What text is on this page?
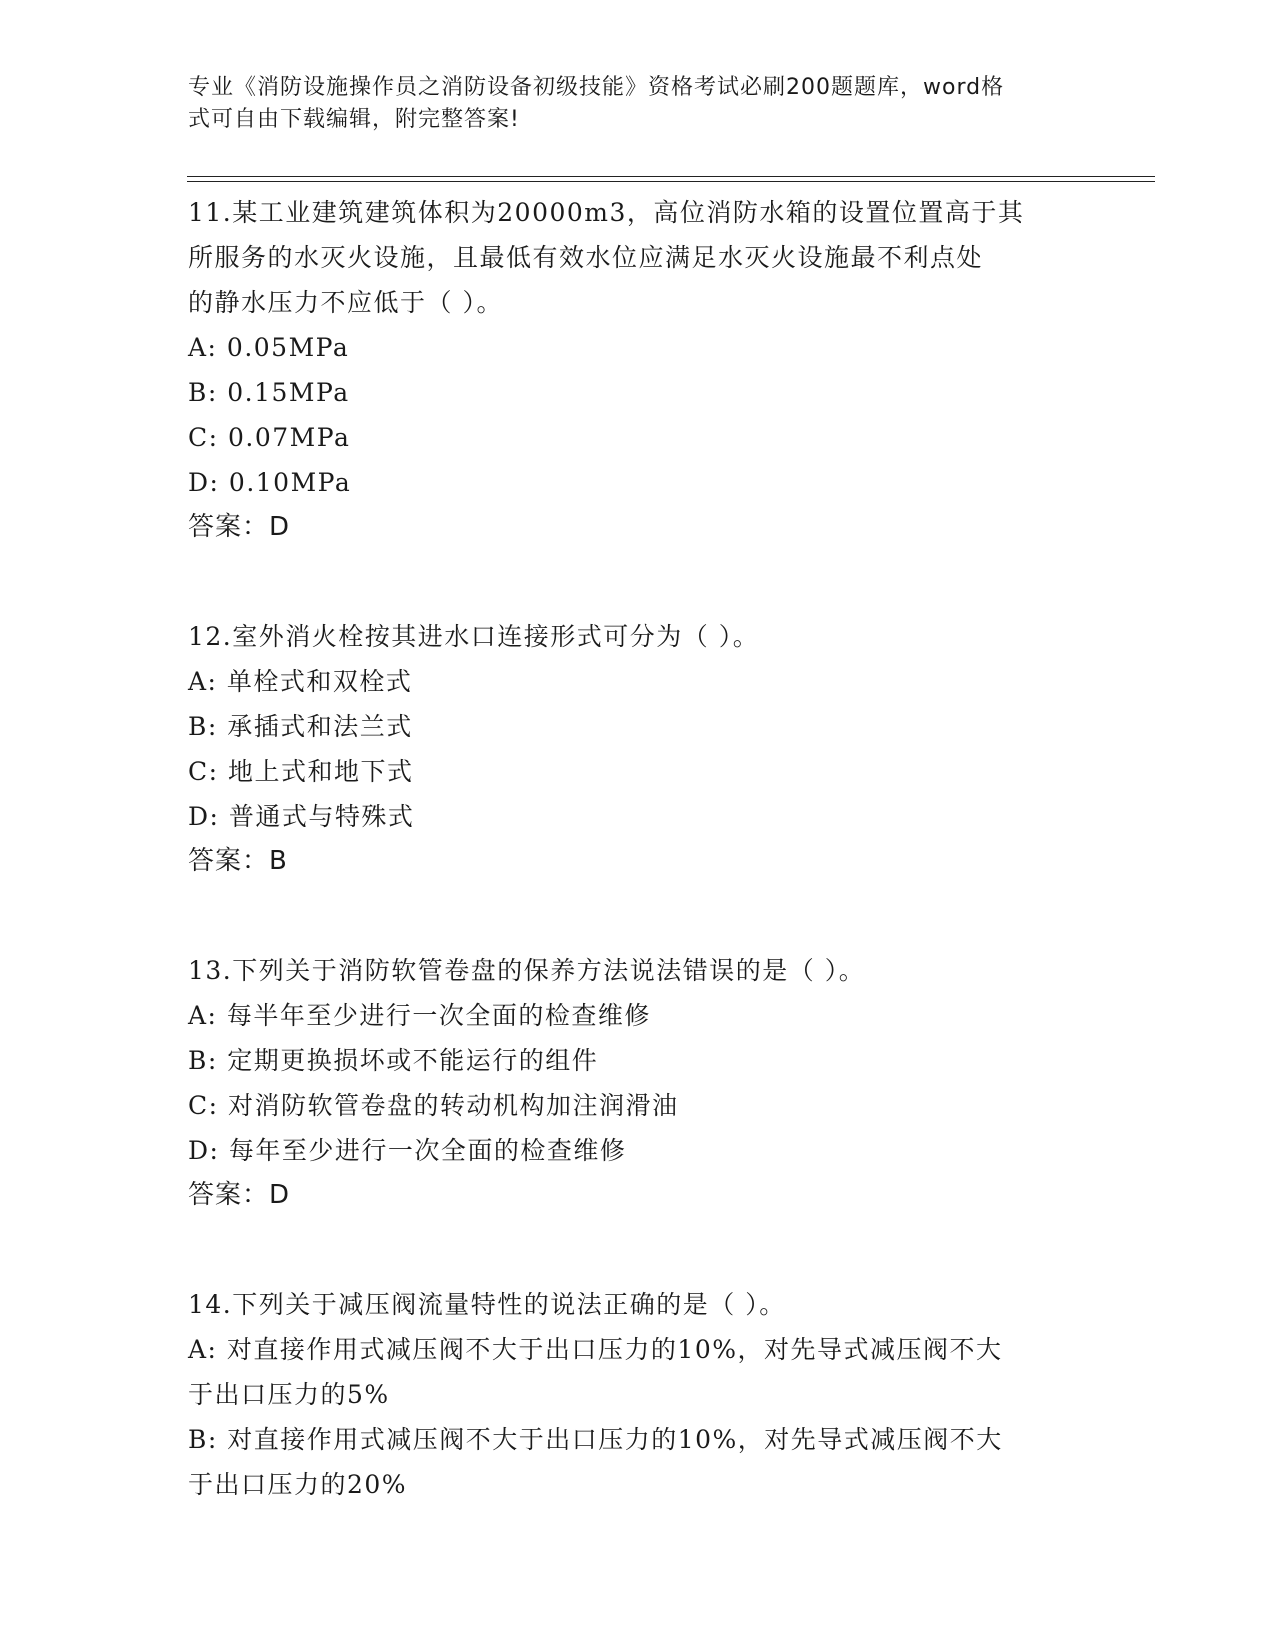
专业《消防设施操作员之消防设备初级技能》资格考试必刷200题题库，word格
式可自由下载编辑，附完整答案!
11.某工业建筑建筑体积为20000m3，高位消防水箱的设置位置高于其
所服务的水灭火设施，且最低有效水位应满足水灭火设施最不利点处
的静水压力不应低于（ ）。
A: 0.05MPa
B: 0.15MPa
C: 0.07MPa
D: 0.10MPa
答案：D
12.室外消火栓按其进水口连接形式可分为（ ）。
A: 单栓式和双栓式
B: 承插式和法兰式
C: 地上式和地下式
D: 普通式与特殊式
答案：B
13.下列关于消防软管卷盘的保养方法说法错误的是（ ）。
A: 每半年至少进行一次全面的检查维修
B: 定期更换损坏或不能运行的组件
C: 对消防软管卷盘的转动机构加注润滑油
D: 每年至少进行一次全面的检查维修
答案：D
14.下列关于减压阀流量特性的说法正确的是（ ）。
A: 对直接作用式减压阀不大于出口压力的10%，对先导式减压阀不大
于出口压力的5%
B: 对直接作用式减压阀不大于出口压力的10%，对先导式减压阀不大
于出口压力的20%
